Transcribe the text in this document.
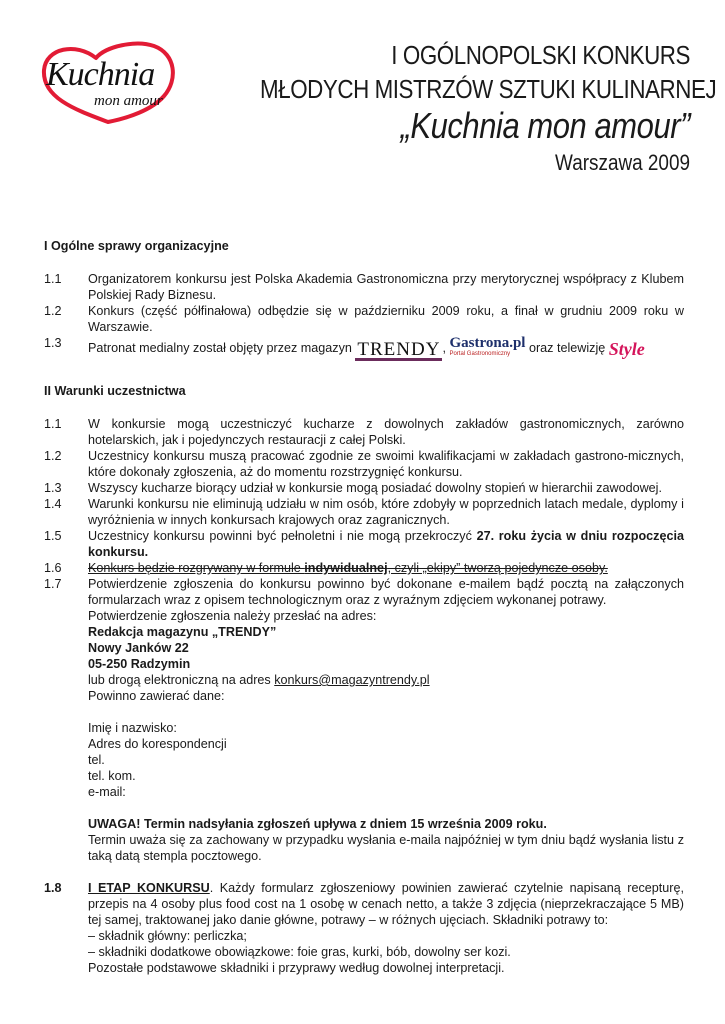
Kuchnia
mon amour
I OGÓLNOPOLSKI KONKURS
MŁODYCH MISTRZÓW SZTUKI KULINARNEJ
„Kuchnia mon amour”
Warszawa 2009
I Ogólne sprawy organizacyjne
1.1	Organizatorem konkursu jest Polska Akademia Gastronomiczna przy merytorycznej współpracy z Klubem Polskiej Rady Biznesu.
1.2	Konkurs (część półfinałowa) odbędzie się w październiku 2009 roku, a finał w grudniu 2009 roku w Warszawie.
1.3	Patronat medialny został objęty przez magazyn TRENDY , Gastrona.pl
Portal Gastronomiczny	oraz telewizję Style
II Warunki uczestnictwa
1.1	W konkursie mogą uczestniczyć kucharze z dowolnych zakładów gastronomicznych, zarówno hotelarskich, jak i pojedynczych restauracji z całej Polski.
1.2	Uczestnicy konkursu muszą pracować zgodnie ze swoimi kwalifikacjami w zakładach gastrono-micznych, które dokonały zgłoszenia, aż do momentu rozstrzygnięć konkursu.
1.3	Wszyscy kucharze biorący udział w konkursie mogą posiadać dowolny stopień w hierarchii zawodowej.
1.4	Warunki konkursu nie eliminują udziału w nim osób, które zdobyły w poprzednich latach medale, dyplomy i wyróżnienia w innych konkursach krajowych oraz zagranicznych.
1.5	Uczestnicy konkursu powinni być pełnoletni i nie mogą przekroczyć 27. roku życia w dniu rozpoczęcia konkursu.
1.6	Konkurs będzie rozgrywany w formule indywidualnej, czyli „ekipy” tworzą pojedyncze osoby.
1.7	Potwierdzenie zgłoszenia do konkursu powinno być dokonane e-mailem bądź pocztą na załączonych formularzach wraz z opisem technologicznym oraz z wyraźnym zdjęciem wykonanej potrawy.
Potwierdzenie zgłoszenia należy przesłać na adres:
Redakcja magazynu „TRENDY”
Nowy Janków 22
05-250 Radzymin
lub drogą elektroniczną na adres konkurs@magazyntrendy.pl
Powinno zawierać dane:
Imię i nazwisko:
Adres do korespondencji
tel.
tel. kom.
e-mail:
UWAGA! Termin nadsyłania zgłoszeń upływa z dniem 15 września 2009 roku.
Termin uważa się za zachowany w przypadku wysłania e-maila najpóźniej w tym dniu bądź wysłania listu z taką datą stempla pocztowego.
1.8	I ETAP KONKURSU. Każdy formularz zgłoszeniowy powinien zawierać czytelnie napisaną recepturę, przepis na 4 osoby plus food cost na 1 osobę w cenach netto, a także 3 zdjęcia (nieprzekraczające 5 MB) tej samej, traktowanej jako danie główne, potrawy – w różnych ujęciach. Składniki potrawy to:
– składnik główny: perliczka;
– składniki dodatkowe obowiązkowe: foie gras, kurki, bób, dowolny ser kozi.
Pozostałe podstawowe składniki i przyprawy według dowolnej interpretacji.
